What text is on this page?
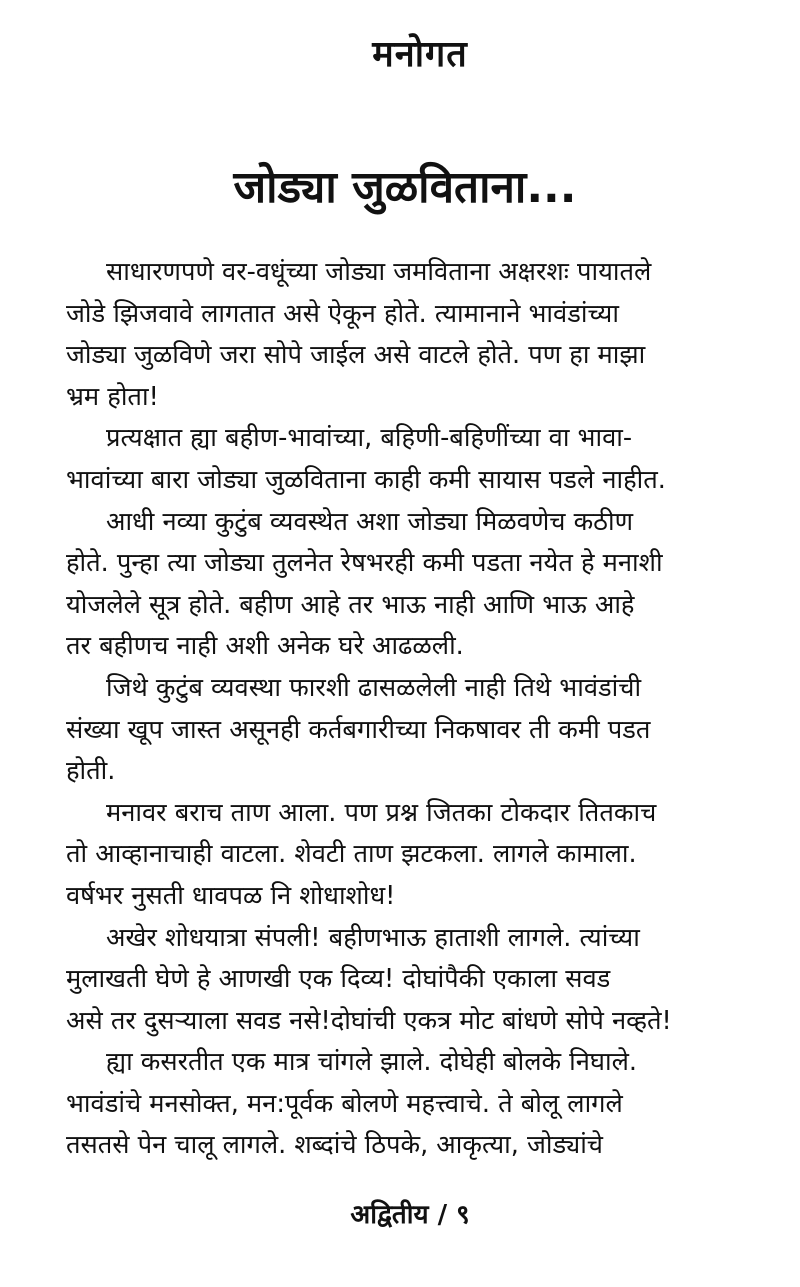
मनोगत
जोड्या जुळविताना...

साधारणपणे वर-वधूंच्या जोड्या जमविताना अक्षरशः पायातले
जोडे झिजवावे लागतात असे ऐकून होते. त्यामानाने भावंडांच्या
जोड्या जुळविणे जरा सोपे जाईल असे वाटले होते. पण हा माझा
भ्रम होता!

प्रत्यक्षात ह्या बहीण-भावांच्या, बहिणी-बहिणींच्या वा भावा-
भावांच्या बारा जोड्या जुळविताना काही कमी सायास पडले नाहीत.

आधी नव्या कुटुंब व्यवस्थेत अशा जोड्या मिळवणेच कठीण
होते. पुन्हा त्या जोड्या तुलनेत रेषभरही कमी पडता नयेत हे मनाशी
योजलेले सूत्र होते. बहीण आहे तर भाऊ नाही आणि भाऊ आहे
तर बहीणच नाही अशी अनेक घरे आढळली.

जिथे कुटुंब व्यवस्था फारशी ढासळलेली नाही तिथे भावंडांची
संख्या खूप जास्त असूनही कर्तबगारीच्या निकषावर ती कमी पडत
होती.

मनावर बराच ताण आला. पण प्रश्न जितका टोकदार तितकाच
तो आव्हानाचाही वाटला. शेवटी ताण झटकला. लागले कामाला.
वर्षभर नुसती धावपळ नि शोधाशोध!

अखेर शोधयात्रा संपली! बहीणभाऊ हाताशी लागले. त्यांच्या
मुलाखती घेणे हे आणखी एक दिव्य! दोघांपैकी एकाला सवड
असे तर दुसऱ्याला सवड नसे!दोघांची एकत्र मोट बांधणे सोपे नव्हते!

ह्या कसरतीत एक मात्र चांगले झाले. दोघेही बोलके निघाले.
भावंडांचे मनसोक्त, मन:पूर्वक बोलणे महत्त्वाचे. ते बोलू लागले
तसतसे पेन चालू लागले. शब्दांचे ठिपके, आकृत्या, जोड्यांचे

अद्वितीय / ९
